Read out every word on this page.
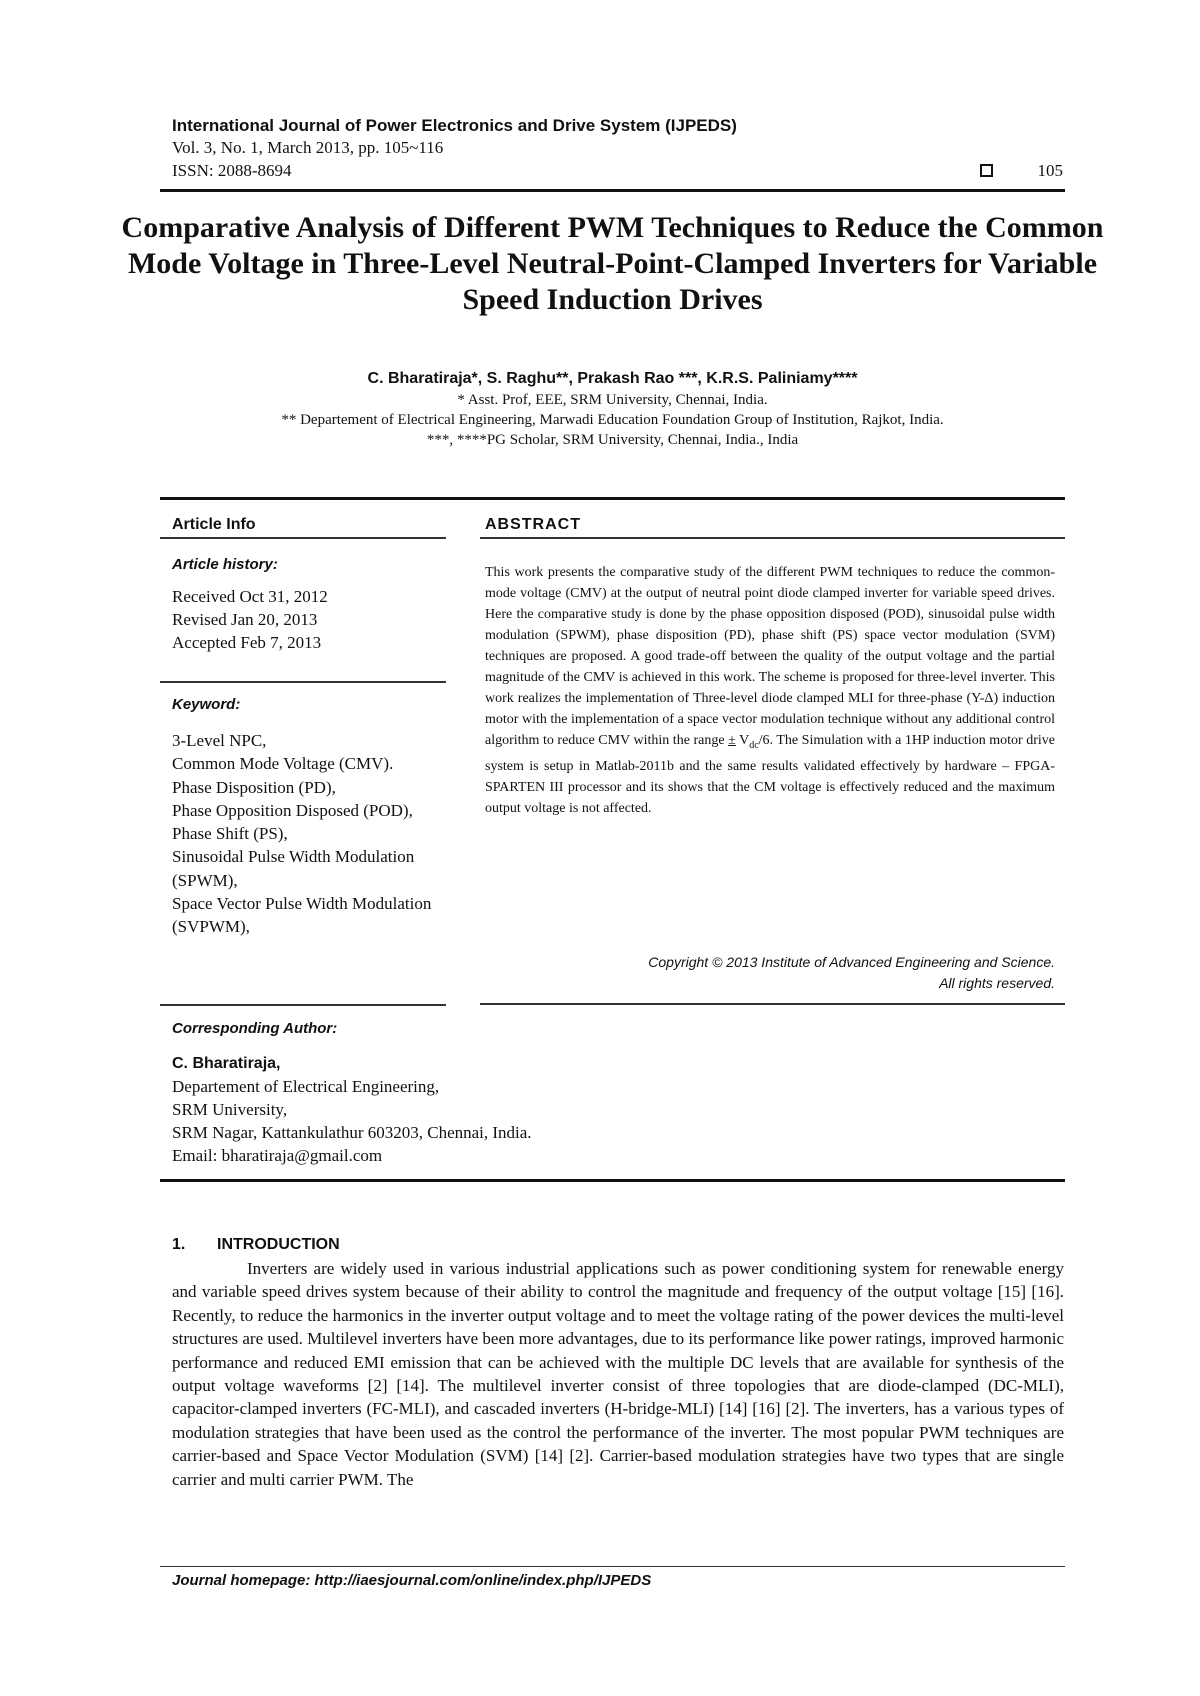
International Journal of Power Electronics and Drive System (IJPEDS)
Vol. 3, No. 1, March 2013, pp. 105~116
ISSN: 2088-8694	105
Comparative Analysis of Different PWM Techniques to Reduce the Common Mode Voltage in Three-Level Neutral-Point-Clamped Inverters for Variable Speed Induction Drives
C. Bharatiraja*, S. Raghu**, Prakash Rao ***, K.R.S. Paliniamy****
* Asst. Prof, EEE, SRM University, Chennai, India.
** Departement of Electrical Engineering, Marwadi Education Foundation Group of Institution, Rajkot, India.
***, ****PG Scholar, SRM University, Chennai, India., India
Article Info	ABSTRACT
Article history:
Received Oct 31, 2012
Revised Jan 20, 2013
Accepted Feb 7, 2013
Keyword:
3-Level NPC,
Common Mode Voltage (CMV).
Phase Disposition (PD),
Phase Opposition Disposed (POD),
Phase Shift (PS),
Sinusoidal Pulse Width Modulation (SPWM),
Space Vector Pulse Width Modulation (SVPWM),
This work presents the comparative study of the different PWM techniques to reduce the common-mode voltage (CMV) at the output of neutral point diode clamped inverter for variable speed drives. Here the comparative study is done by the phase opposition disposed (POD), sinusoidal pulse width modulation (SPWM), phase disposition (PD), phase shift (PS) space vector modulation (SVM) techniques are proposed. A good trade-off between the quality of the output voltage and the partial magnitude of the CMV is achieved in this work. The scheme is proposed for three-level inverter. This work realizes the implementation of Three-level diode clamped MLI for three-phase (Y-Δ) induction motor with the implementation of a space vector modulation technique without any additional control algorithm to reduce CMV within the range ± $V_{dc}/6$. The Simulation with a 1HP induction motor drive system is setup in Matlab-2011b and the same results validated effectively by hardware – FPGA-SPARTEN III processor and its shows that the CM voltage is effectively reduced and the maximum output voltage is not affected.
Copyright © 2013 Institute of Advanced Engineering and Science.
All rights reserved.
Corresponding Author:
C. Bharatiraja,
Departement of Electrical Engineering,
SRM University,
SRM Nagar, Kattankulathur 603203, Chennai, India.
Email: bharatiraja@gmail.com
1. INTRODUCTION
Inverters are widely used in various industrial applications such as power conditioning system for renewable energy and variable speed drives system because of their ability to control the magnitude and frequency of the output voltage [15] [16]. Recently, to reduce the harmonics in the inverter output voltage and to meet the voltage rating of the power devices the multi-level structures are used. Multilevel inverters have been more advantages, due to its performance like power ratings, improved harmonic performance and reduced EMI emission that can be achieved with the multiple DC levels that are available for synthesis of the output voltage waveforms [2] [14]. The multilevel inverter consist of three topologies that are diode-clamped (DC-MLI), capacitor-clamped inverters (FC-MLI), and cascaded inverters (H-bridge-MLI) [14] [16] [2]. The inverters, has a various types of modulation strategies that have been used as the control the performance of the inverter. The most popular PWM techniques are carrier-based and Space Vector Modulation (SVM) [14] [2]. Carrier-based modulation strategies have two types that are single carrier and multi carrier PWM. The
Journal homepage: http://iaesjournal.com/online/index.php/IJPEDS
